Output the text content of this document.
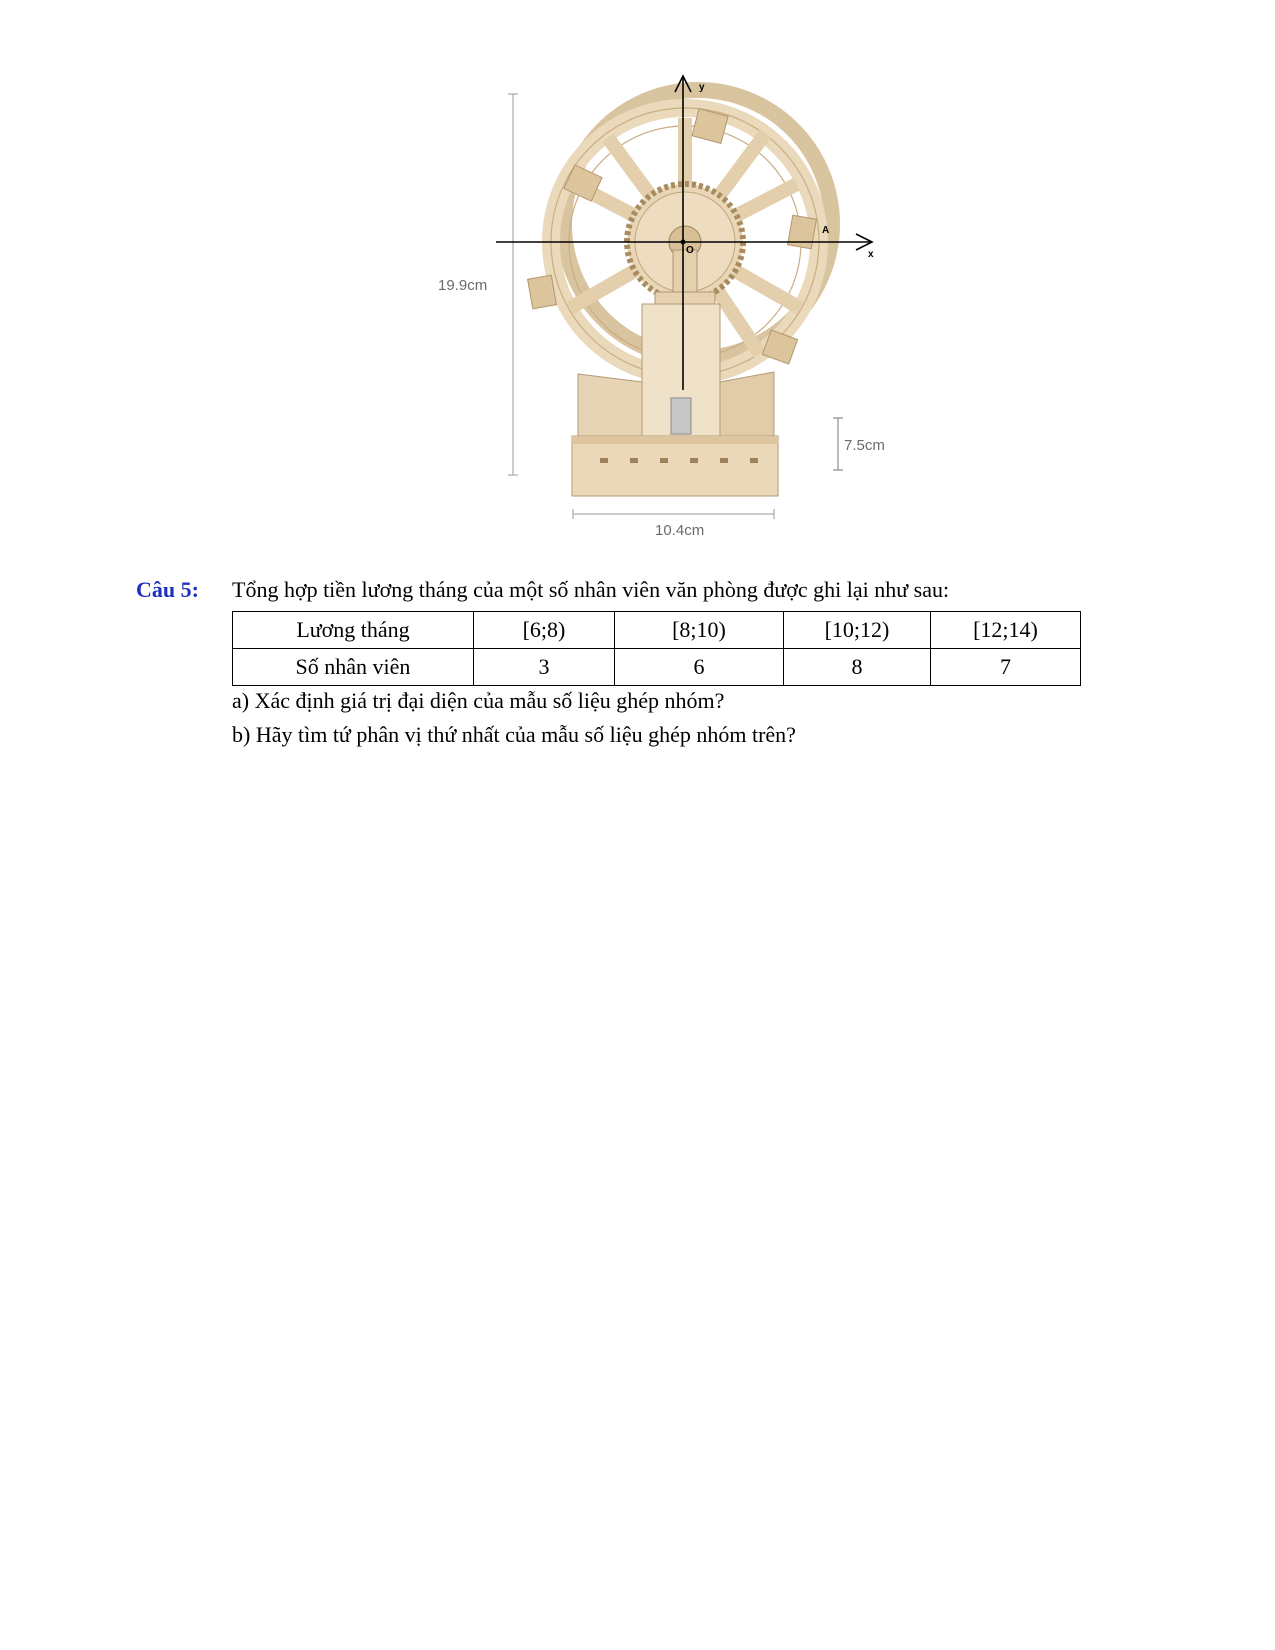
19.9cm
7.5cm
10.4cm
y
x
O
A
Câu 5: Tổng hợp tiền lương tháng của một số nhân viên văn phòng được ghi lại như sau:
Lương tháng	[6;8)	[8;10)	[10;12)	[12;14)
Số nhân viên	3	6	8	7
a) Xác định giá trị đại diện của mẫu số liệu ghép nhóm?
b) Hãy tìm tứ phân vị thứ nhất của mẫu số liệu ghép nhóm trên?
